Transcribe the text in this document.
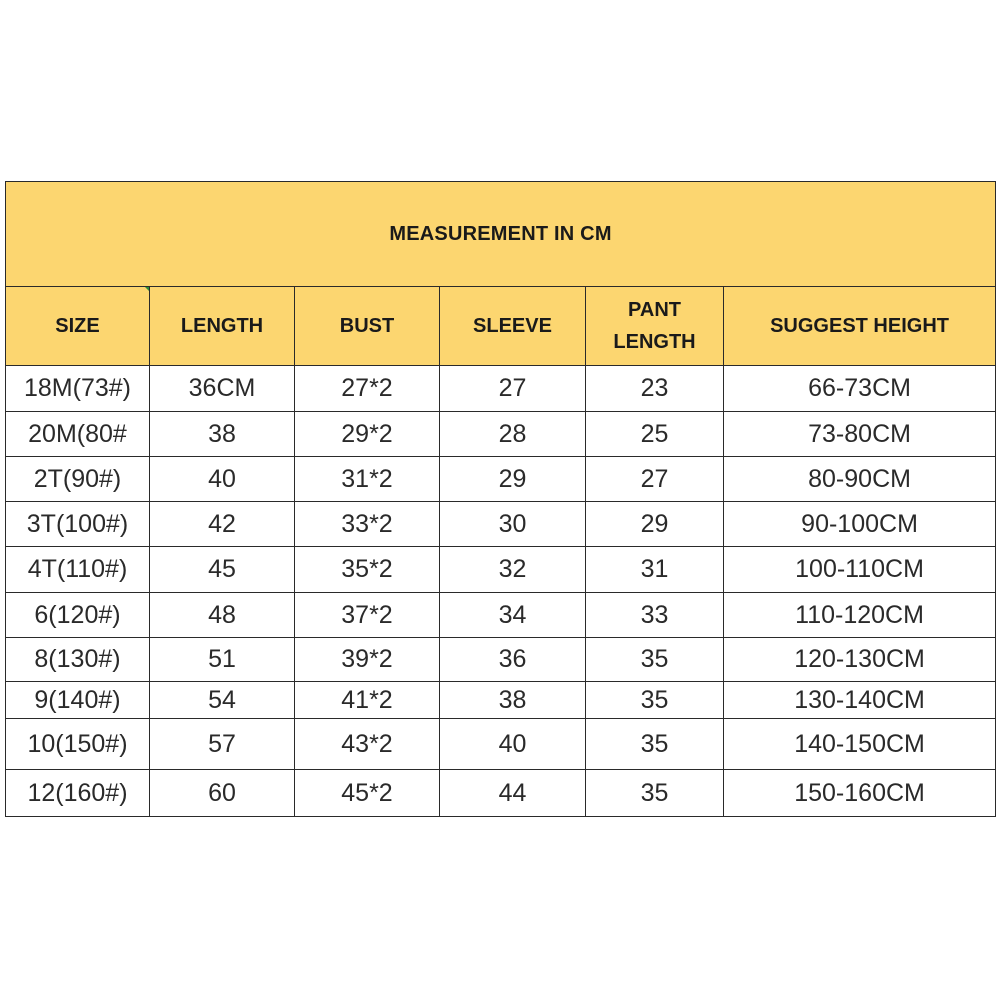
MEASUREMENT IN CM					
SIZE	LENGTH	BUST	SLEEVE	PANT LENGTH	SUGGEST HEIGHT
18M(73#)	36CM	27*2	27	23	66-73CM
20M(80#	38	29*2	28	25	73-80CM
2T(90#)	40	31*2	29	27	80-90CM
3T(100#)	42	33*2	30	29	90-100CM
4T(110#)	45	35*2	32	31	100-110CM
6(120#)	48	37*2	34	33	110-120CM
8(130#)	51	39*2	36	35	120-130CM
9(140#)	54	41*2	38	35	130-140CM
10(150#)	57	43*2	40	35	140-150CM
12(160#)	60	45*2	44	35	150-160CM
